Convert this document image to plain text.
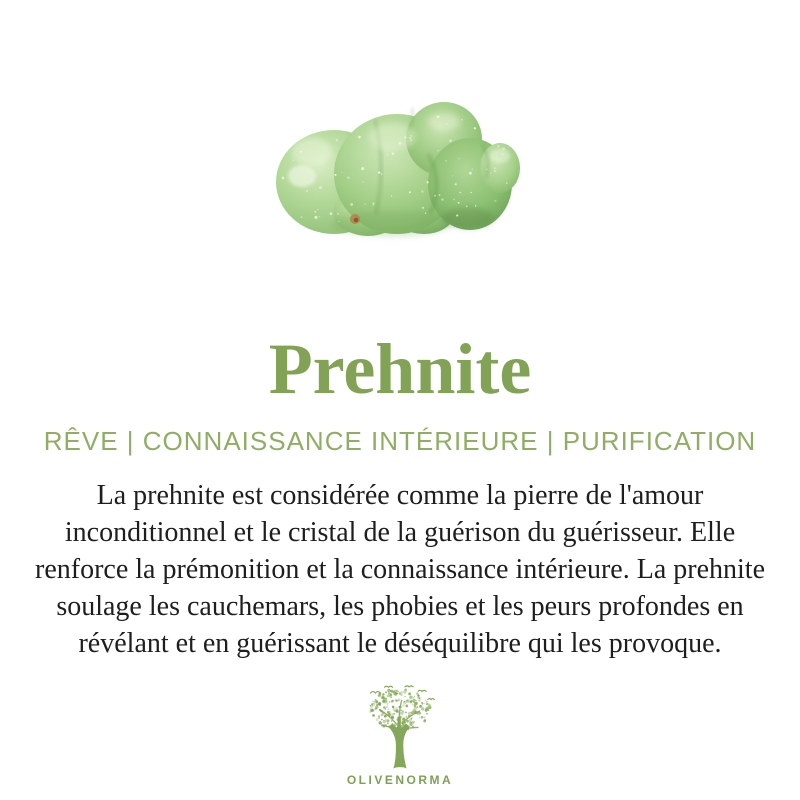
Prehnite
RÊVE | CONNAISSANCE INTÉRIEURE | PURIFICATION
La prehnite est considérée comme la pierre de l'amour
inconditionnel et le cristal de la guérison du guérisseur. Elle
renforce la prémonition et la connaissance intérieure. La prehnite
soulage les cauchemars, les phobies et les peurs profondes en
révélant et en guérissant le déséquilibre qui les provoque.
OLIVENORMA
